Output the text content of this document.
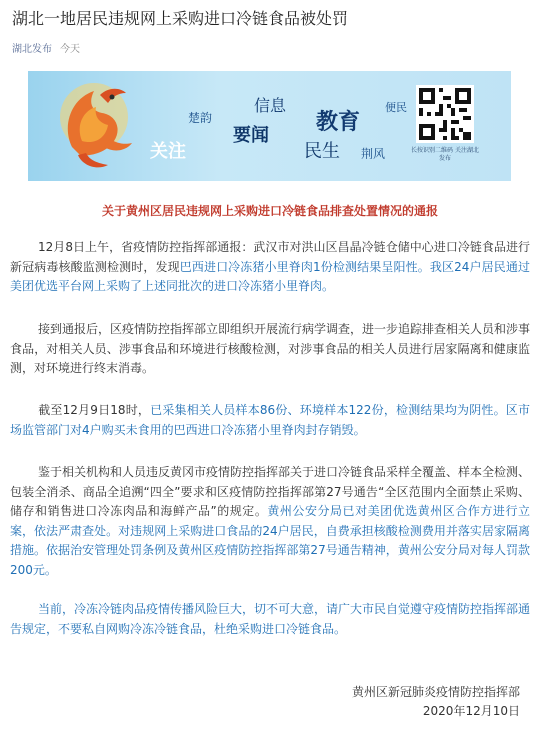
湖北一地居民违规网上采购进口冷链食品被处罚
湖北发布 今天
楚韵
信息
要闻
关注
教育
便民
民生 荆风	长按识别二维码 关注湖北发布
关于黄州区居民违规网上采购进口冷链食品排查处置情况的通报

12月8日上午，省疫情防控指挥部通报：武汉市对洪山区昌晶冷链仓储中心进口冷链食品进行新冠病毒核酸监测检测时，发现巴西进口冷冻猪小里脊肉1份检测结果呈阳性。我区24户居民通过美团优选平台网上采购了上述同批次的进口冷冻猪小里脊肉。

接到通报后，区疫情防控指挥部立即组织开展流行病学调查，进一步追踪排查相关人员和涉事食品，对相关人员、涉事食品和环境进行核酸检测，对涉事食品的相关人员进行居家隔离和健康监测，对环境进行终末消毒。

截至12月9日18时，已采集相关人员样本86份、环境样本122份，检测结果均为阴性。区市场监管部门对4户购买未食用的巴西进口冷冻猪小里脊肉封存销毁。

鉴于相关机构和人员违反黄冈市疫情防控指挥部关于进口冷链食品采样全覆盖、样本全检测、包装全消杀、商品全追溯“四全”要求和区疫情防控指挥部第27号通告“全区范围内全面禁止采购、储存和销售进口冷冻肉品和海鲜产品”的规定。黄州公安分局已对美团优选黄州区合作方进行立案，依法严肃查处。对违规网上采购进口食品的24户居民，自费承担核酸检测费用并落实居家隔离措施。依据治安管理处罚条例及黄州区疫情防控指挥部第27号通告精神，黄州公安分局对每人罚款200元。

当前，冷冻冷链肉品疫情传播风险巨大，切不可大意，请广大市民自觉遵守疫情防控指挥部通告规定，不要私自网购冷冻冷链食品，杜绝采购进口冷链食品。

黄州区新冠肺炎疫情防控指挥部
2020年12月10日
